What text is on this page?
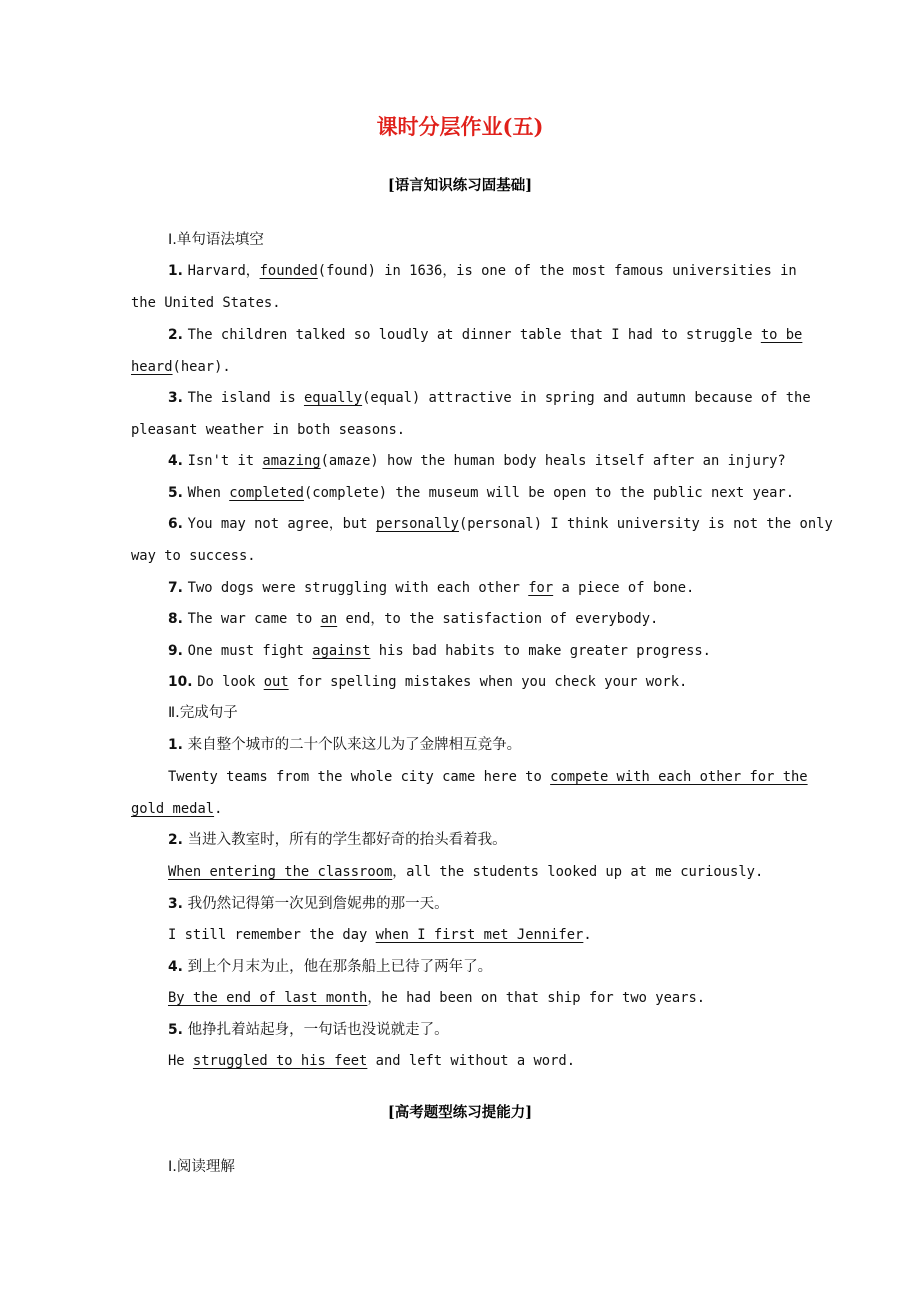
课时分层作业(五)
[语言知识练习固基础]
Ⅰ.单句语法填空
1. Harvard，founded(found) in 1636，is one of the most famous universities in
the United States.
2. The children talked so loudly at dinner table that I had to struggle to be
heard(hear).
3. The island is equally(equal) attractive in spring and autumn because of the
pleasant weather in both seasons.
4. Isn't it amazing(amaze) how the human body heals itself after an injury?
5. When completed(complete) the museum will be open to the public next year.
6. You may not agree，but personally(personal) I think university is not the only
way to success.
7. Two dogs were struggling with each other for a piece of bone.
8. The war came to an end，to the satisfaction of everybody.
9. One must fight against his bad habits to make greater progress.
10. Do look out for spelling mistakes when you check your work.
Ⅱ.完成句子
1. 来自整个城市的二十个队来这儿为了金牌相互竞争。
Twenty teams from the whole city came here to compete with each other for the
gold medal.
2. 当进入教室时，所有的学生都好奇的抬头看着我。
When entering the classroom，all the students looked up at me curiously.
3. 我仍然记得第一次见到詹妮弗的那一天。
I still remember the day when I first met Jennifer.
4. 到上个月末为止，他在那条船上已待了两年了。
By the end of last month，he had been on that ship for two years.
5. 他挣扎着站起身，一句话也没说就走了。
He struggled to his feet and left without a word.
[高考题型练习提能力]
Ⅰ.阅读理解
